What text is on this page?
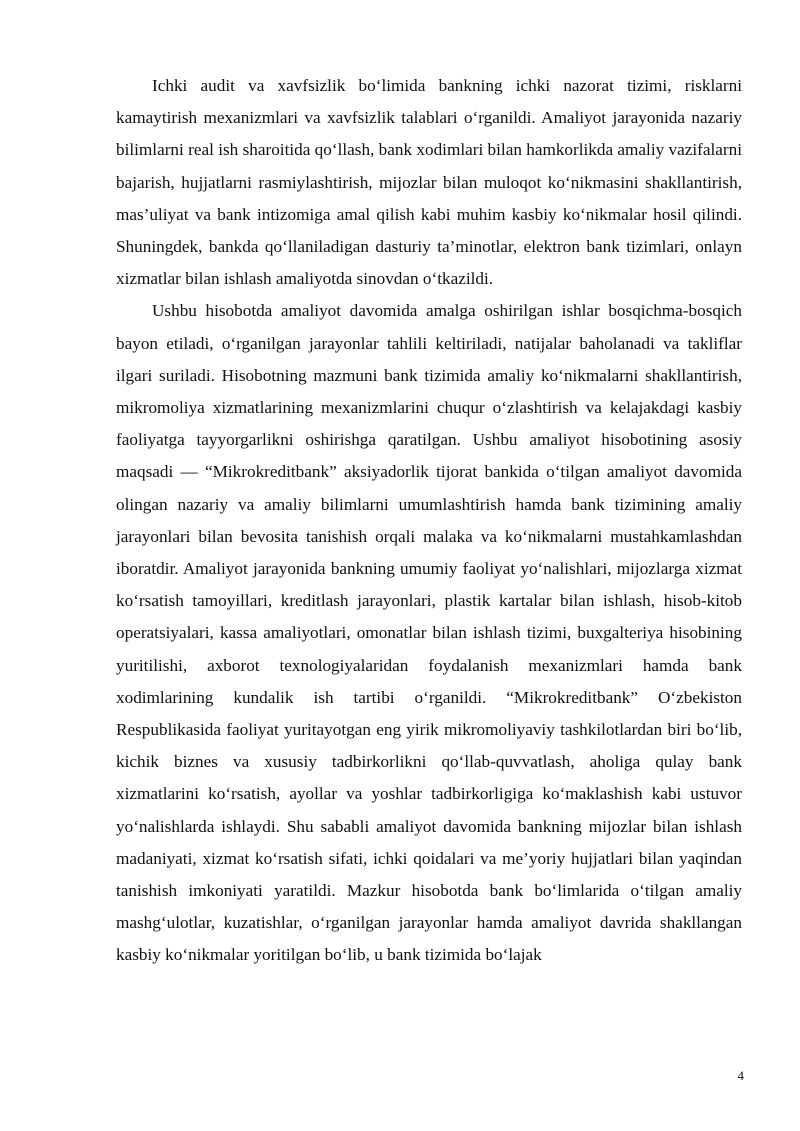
Ichki audit va xavfsizlik bo‘limida bankning ichki nazorat tizimi, risklarni kamaytirish mexanizmlari va xavfsizlik talablari o‘rganildi. Amaliyot jarayonida nazariy bilimlarni real ish sharoitida qo‘llash, bank xodimlari bilan hamkorlikda amaliy vazifalarni bajarish, hujjatlarni rasmiylashtirish, mijozlar bilan muloqot ko‘nikmasini shakllantirish, mas’uliyat va bank intizomiga amal qilish kabi muhim kasbiy ko‘nikmalar hosil qilindi. Shuningdek, bankda qo‘llaniladigan dasturiy ta’minotlar, elektron bank tizimlari, onlayn xizmatlar bilan ishlash amaliyotda sinovdan o‘tkazildi.

Ushbu hisobotda amaliyot davomida amalga oshirilgan ishlar bosqichma-bosqich bayon etiladi, o‘rganilgan jarayonlar tahlili keltiriladi, natijalar baholanadi va takliflar ilgari suriladi. Hisobotning mazmuni bank tizimida amaliy ko‘nikmalarni shakllantirish, mikromoliya xizmatlarining mexanizmlarini chuqur o‘zlashtirish va kelajakdagi kasbiy faoliyatga tayyorgarlikni oshirishga qaratilgan. Ushbu amaliyot hisobotining asosiy maqsadi — “Mikrokreditbank” aksiyadorlik tijorat bankida o‘tilgan amaliyot davomida olingan nazariy va amaliy bilimlarni umumlashtirish hamda bank tizimining amaliy jarayonlari bilan bevosita tanishish orqali malaka va ko‘nikmalarni mustahkamlashdan iboratdir. Amaliyot jarayonida bankning umumiy faoliyat yo‘nalishlari, mijozlarga xizmat ko‘rsatish tamoyillari, kreditlash jarayonlari, plastik kartalar bilan ishlash, hisob-kitob operatsiyalari, kassa amaliyotlari, omonatlar bilan ishlash tizimi, buxgalteriya hisobining yuritilishi, axborot texnologiyalaridan foydalanish mexanizmlari hamda bank xodimlarining kundalik ish tartibi o‘rganildi. “Mikrokreditbank” O‘zbekiston Respublikasida faoliyat yuritayotgan eng yirik mikromoliyaviy tashkilotlardan biri bo‘lib, kichik biznes va xususiy tadbirkorlikni qo‘llab-quvvatlash, aholiga qulay bank xizmatlarini ko‘rsatish, ayollar va yoshlar tadbirkorligiga ko‘maklashish kabi ustuvor yo‘nalishlarda ishlaydi. Shu sababli amaliyot davomida bankning mijozlar bilan ishlash madaniyati, xizmat ko‘rsatish sifati, ichki qoidalari va me’yoriy hujjatlari bilan yaqindan tanishish imkoniyati yaratildi. Mazkur hisobotda bank bo‘limlarida o‘tilgan amaliy mashg‘ulotlar, kuzatishlar, o‘rganilgan jarayonlar hamda amaliyot davrida shakllangan kasbiy ko‘nikmalar yoritilgan bo‘lib, u bank tizimida bo‘lajak

4
